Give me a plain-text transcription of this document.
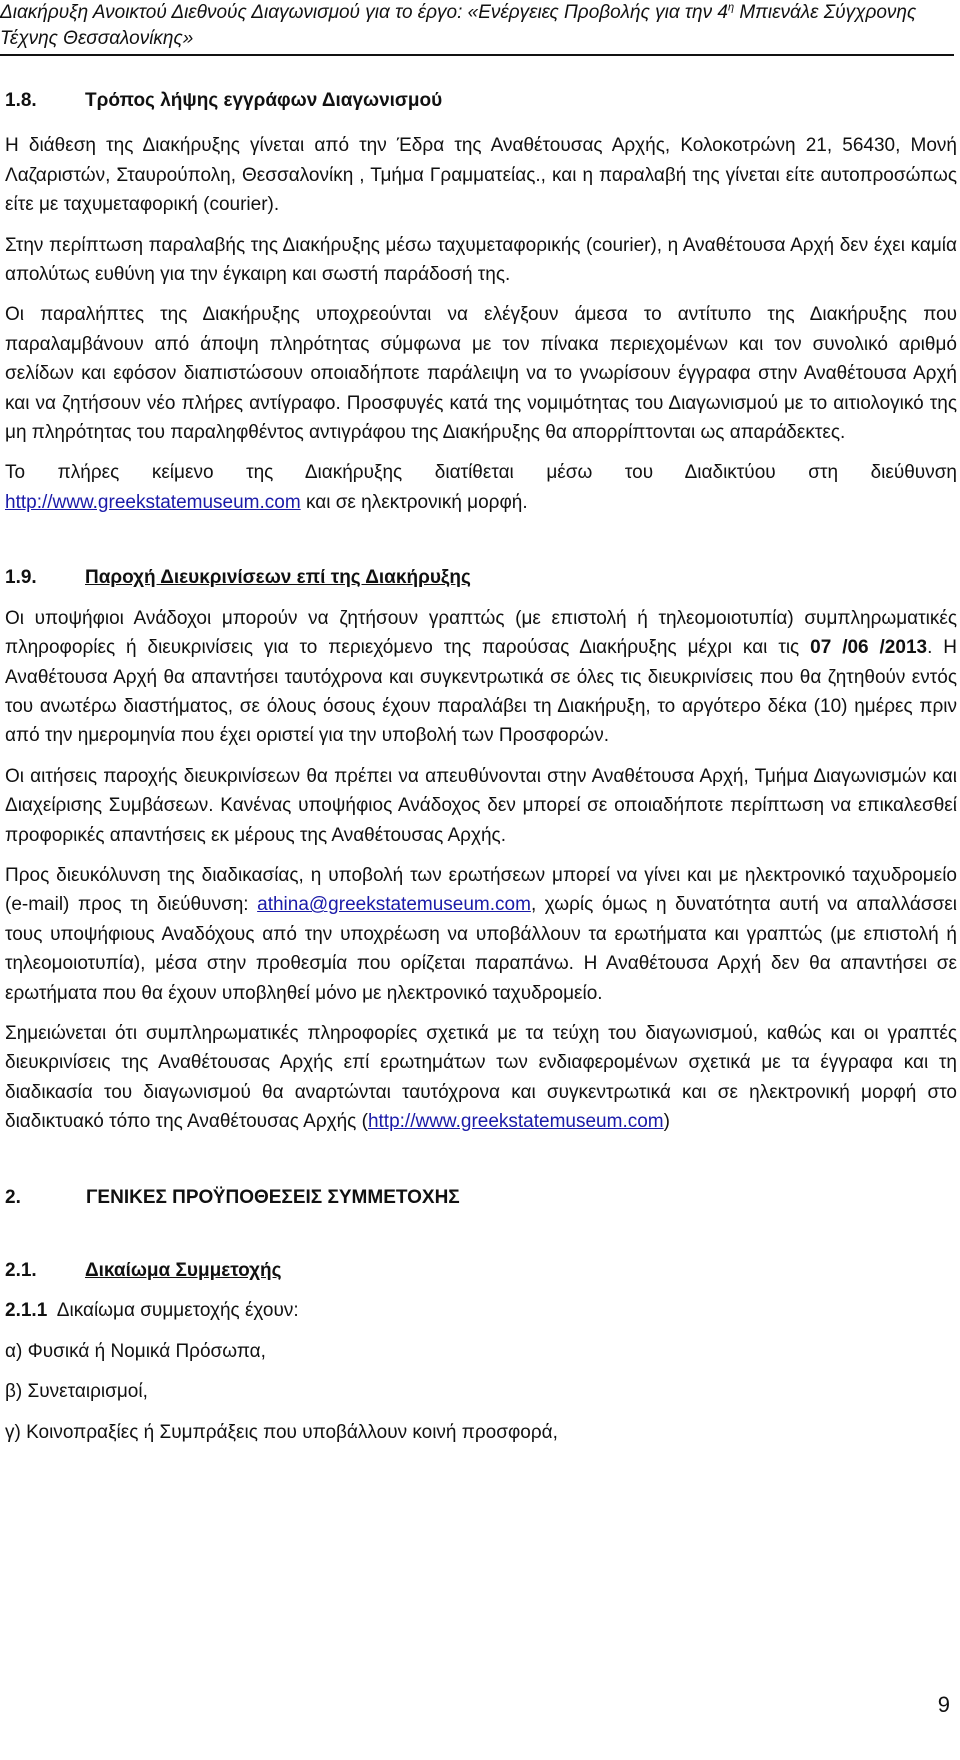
Διακήρυξη Ανοικτού Διεθνούς Διαγωνισμού για το έργο: «Ενέργειες Προβολής για την $4^\eta$ Μπιενάλε Σύγχρονης
Τέχνης Θεσσαλονίκης»
1.8.	Τρόπος λήψης εγγράφων Διαγωνισμού

Η διάθεση της Διακήρυξης γίνεται από την Έδρα της Αναθέτουσας Αρχής, Κολοκοτρώνη 21, 56430, Μονή Λαζαριστών, Σταυρούπολη, Θεσσαλονίκη , Τμήμα Γραμματείας., και η παραλαβή της γίνεται είτε αυτοπροσώπως είτε με ταχυμεταφορική (courier).

Στην περίπτωση παραλαβής της Διακήρυξης μέσω ταχυμεταφορικής (courier), η Αναθέτουσα Αρχή δεν έχει καμία απολύτως ευθύνη για την έγκαιρη και σωστή παράδοσή της.

Οι παραλήπτες της Διακήρυξης υποχρεούνται να ελέγξουν άμεσα το αντίτυπο της Διακήρυξης που παραλαμβάνουν από άποψη πληρότητας σύμφωνα με τον πίνακα περιεχομένων και τον συνολικό αριθμό σελίδων και εφόσον διαπιστώσουν οποιαδήποτε παράλειψη να το γνωρίσουν έγγραφα στην Αναθέτουσα Αρχή και να ζητήσουν νέο πλήρες αντίγραφο. Προσφυγές κατά της νομιμότητας του Διαγωνισμού με το αιτιολογικό της μη πληρότητας του παραληφθέντος αντιγράφου της Διακήρυξης θα απορρίπτονται ως απαράδεκτες.

Το πλήρες κείμενο της Διακήρυξης διατίθεται μέσω του Διαδικτύου στη διεύθυνση http://www.greekstatemuseum.com και σε ηλεκτρονική μορφή.

1.9.	Παροχή Διευκρινίσεων επί της Διακήρυξης

Οι υποψήφιοι Ανάδοχοι μπορούν να ζητήσουν γραπτώς (με επιστολή ή τηλεομοιοτυπία) συμπληρωματικές πληροφορίες ή διευκρινίσεις για το περιεχόμενο της παρούσας Διακήρυξης μέχρι και τις 07 /06 /2013. Η Αναθέτουσα Αρχή θα απαντήσει ταυτόχρονα και συγκεντρωτικά σε όλες τις διευκρινίσεις που θα ζητηθούν εντός του ανωτέρω διαστήματος, σε όλους όσους έχουν παραλάβει τη Διακήρυξη, το αργότερο δέκα (10) ημέρες πριν από την ημερομηνία που έχει οριστεί για την υποβολή των Προσφορών.

Οι αιτήσεις παροχής διευκρινίσεων θα πρέπει να απευθύνονται στην Αναθέτουσα Αρχή, Τμήμα Διαγωνισμών και Διαχείρισης Συμβάσεων. Κανένας υποψήφιος Ανάδοχος δεν μπορεί σε οποιαδήποτε περίπτωση να επικαλεσθεί προφορικές απαντήσεις εκ μέρους της Αναθέτουσας Αρχής.

Προς διευκόλυνση της διαδικασίας, η υποβολή των ερωτήσεων μπορεί να γίνει και με ηλεκτρονικό ταχυδρομείο (e-mail) προς τη διεύθυνση: athina@greekstatemuseum.com, χωρίς όμως η δυνατότητα αυτή να απαλλάσσει τους υποψήφιους Αναδόχους από την υποχρέωση να υποβάλλουν τα ερωτήματα και γραπτώς (με επιστολή ή τηλεομοιοτυπία), μέσα στην προθεσμία που ορίζεται παραπάνω. Η Αναθέτουσα Αρχή δεν θα απαντήσει σε ερωτήματα που θα έχουν υποβληθεί μόνο με ηλεκτρονικό ταχυδρομείο.

Σημειώνεται ότι συμπληρωματικές πληροφορίες σχετικά με τα τεύχη του διαγωνισμού, καθώς και οι γραπτές διευκρινίσεις της Αναθέτουσας Αρχής επί ερωτημάτων των ενδιαφερομένων σχετικά με τα έγγραφα και τη διαδικασία του διαγωνισμού θα αναρτώνται ταυτόχρονα και συγκεντρωτικά και σε ηλεκτρονική μορφή στο διαδικτυακό τόπο της Αναθέτουσας Αρχής (http://www.greekstatemuseum.com)

2.	ΓΕΝΙΚΕΣ ΠΡΟΫΠΟΘΕΣΕΙΣ ΣΥΜΜΕΤΟΧΗΣ
2.1.	Δικαίωμα Συμμετοχής

2.1.1  Δικαίωμα συμμετοχής έχουν:

α) Φυσικά ή Νομικά Πρόσωπα,

β) Συνεταιρισμοί,

γ) Κοινοπραξίες ή Συμπράξεις που υποβάλλουν κοινή προσφορά,

9
